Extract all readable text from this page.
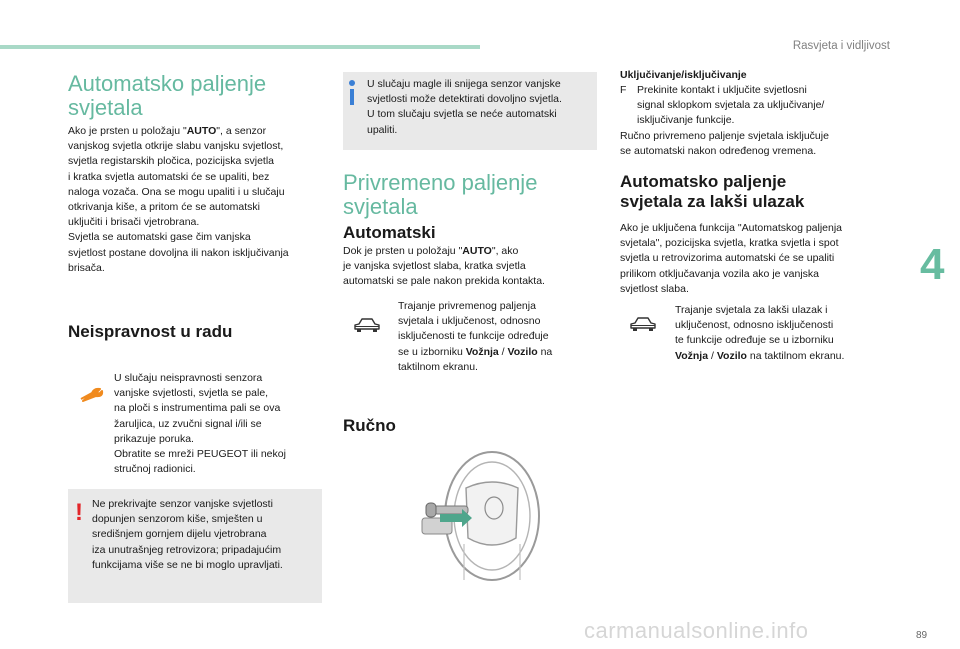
Rasvjeta i vidljivost
4
Automatsko paljenje
svjetala
Ako je prsten u položaju "AUTO", a senzor
vanjskog svjetla otkrije slabu vanjsku svjetlost,
svjetla registarskih pločica, pozicijska svjetla
i kratka svjetla automatski će se upaliti, bez
naloga vozača. Ona se mogu upaliti i u slučaju
otkrivanja kiše, a pritom će se automatski
uključiti i brisači vjetrobrana.
Svjetla se automatski gase čim vanjska
svjetlost postane dovoljna ili nakon isključivanja
brisača.
Neispravnost u radu
U slučaju neispravnosti senzora
vanjske svjetlosti, svjetla se pale,
na ploči s instrumentima pali se ova
žaruljica, uz zvučni signal i/ili se
prikazuje poruka.
Obratite se mreži PEUGEOT ili nekoj
stručnoj radionici.
! Ne prekrivajte senzor vanjske svjetlosti
dopunjen senzorom kiše, smješten u
središnjem gornjem dijelu vjetrobrana
iza unutrašnjeg retrovizora; pripadajućim
funkcijama više se ne bi moglo upravljati.
U slučaju magle ili snijega senzor vanjske
svjetlosti može detektirati dovoljno svjetla.
U tom slučaju svjetla se neće automatski
upaliti.
Privremeno paljenje
svjetala
Automatski
Dok je prsten u položaju "AUTO", ako
je vanjska svjetlost slaba, kratka svjetla
automatski se pale nakon prekida kontakta.
Trajanje privremenog paljenja
svjetala i uključenost, odnosno
isključenosti te funkcije određuje
se u izborniku Vožnja / Vozilo na
taktilnom ekranu.
Ručno
Uključivanje/isključivanje
F	Prekinite kontakt i uključite svjetlosni
signal sklopkom svjetala za uključivanje/
isključivanje funkcije.
Ručno privremeno paljenje svjetala isključuje
se automatski nakon određenog vremena.
Automatsko paljenje
svjetala za lakši ulazak
Ako je uključena funkcija "Automatskog paljenja
svjetala", pozicijska svjetla, kratka svjetla i spot
svjetla u retrovizorima automatski će se upaliti
prilikom otključavanja vozila ako je vanjska
svjetlost slaba.
Trajanje svjetala za lakši ulazak i
uključenost, odnosno isključenosti
te funkcije određuje se u izborniku
Vožnja / Vozilo na taktilnom ekranu.
carmanualsonline.info	89
